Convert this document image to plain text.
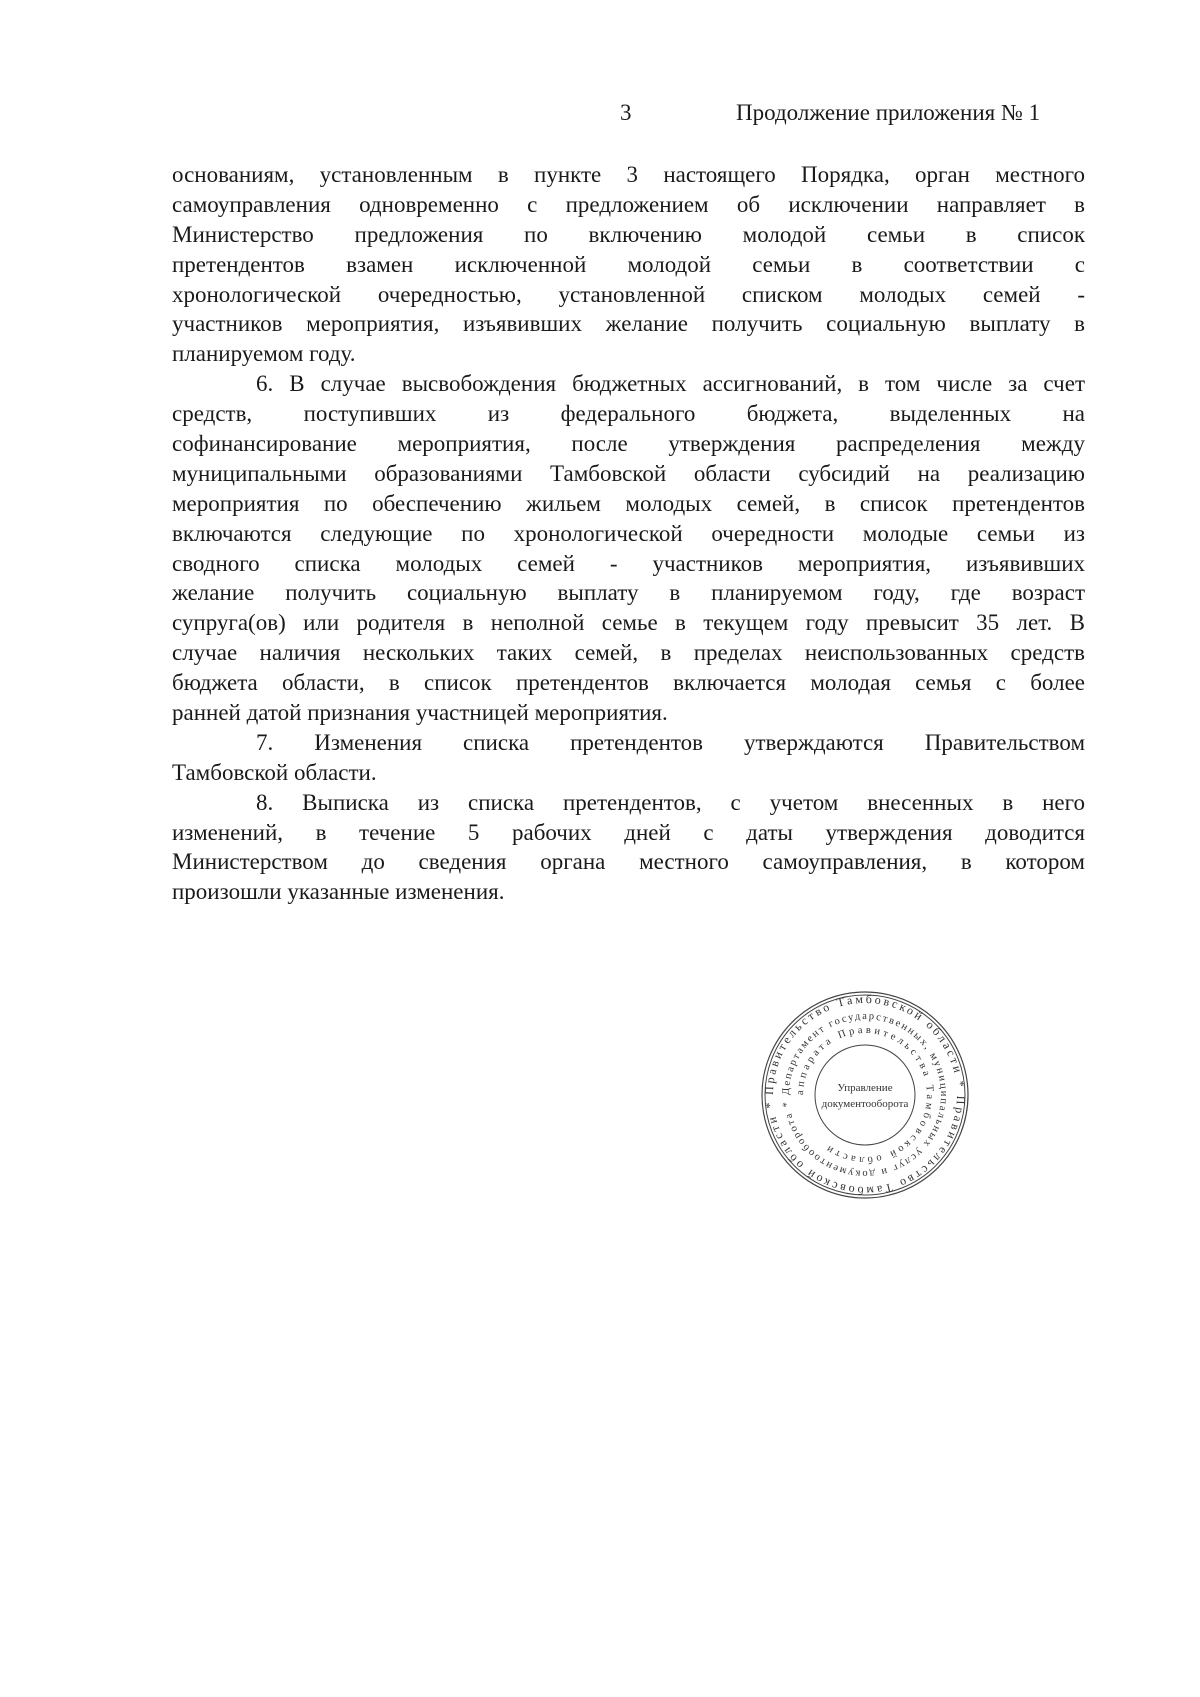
3	Продолжение приложения № 1
основаниям, установленным в пункте 3 настоящего Порядка, орган местного
самоуправления одновременно с предложением об исключении направляет в
Министерство предложения по включению молодой семьи в список
претендентов взамен исключенной молодой семьи в соответствии с
хронологической очередностью, установленной списком молодых семей -
участников мероприятия, изъявивших желание получить социальную выплату в
планируемом году.
6. В случае высвобождения бюджетных ассигнований, в том числе за счет
средств, поступивших из федерального бюджета, выделенных на
софинансирование мероприятия, после утверждения распределения между
муниципальными образованиями Тамбовской области субсидий на реализацию
мероприятия по обеспечению жильем молодых семей, в список претендентов
включаются следующие по хронологической очередности молодые семьи из
сводного списка молодых семей - участников мероприятия, изъявивших
желание получить социальную выплату в планируемом году, где возраст
супруга(ов) или родителя в неполной семье в текущем году превысит 35 лет. В
случае наличия нескольких таких семей, в пределах неиспользованных средств
бюджета области, в список претендентов включается молодая семья с более
ранней датой признания участницей мероприятия.
7. Изменения списка претендентов утверждаются Правительством
Тамбовской области.
8. Выписка из списка претендентов, с учетом внесенных в него
изменений, в течение 5 рабочих дней с даты утверждения доводится
Министерством до сведения органа местного самоуправления, в котором
произошли указанные изменения.
Правительство Тамбовской области * Правительство Тамбовской области *
Департамент государственных, муниципальных услуг и документооборота *
аппарата Правительства Тамбовской области
Управление
документооборота
